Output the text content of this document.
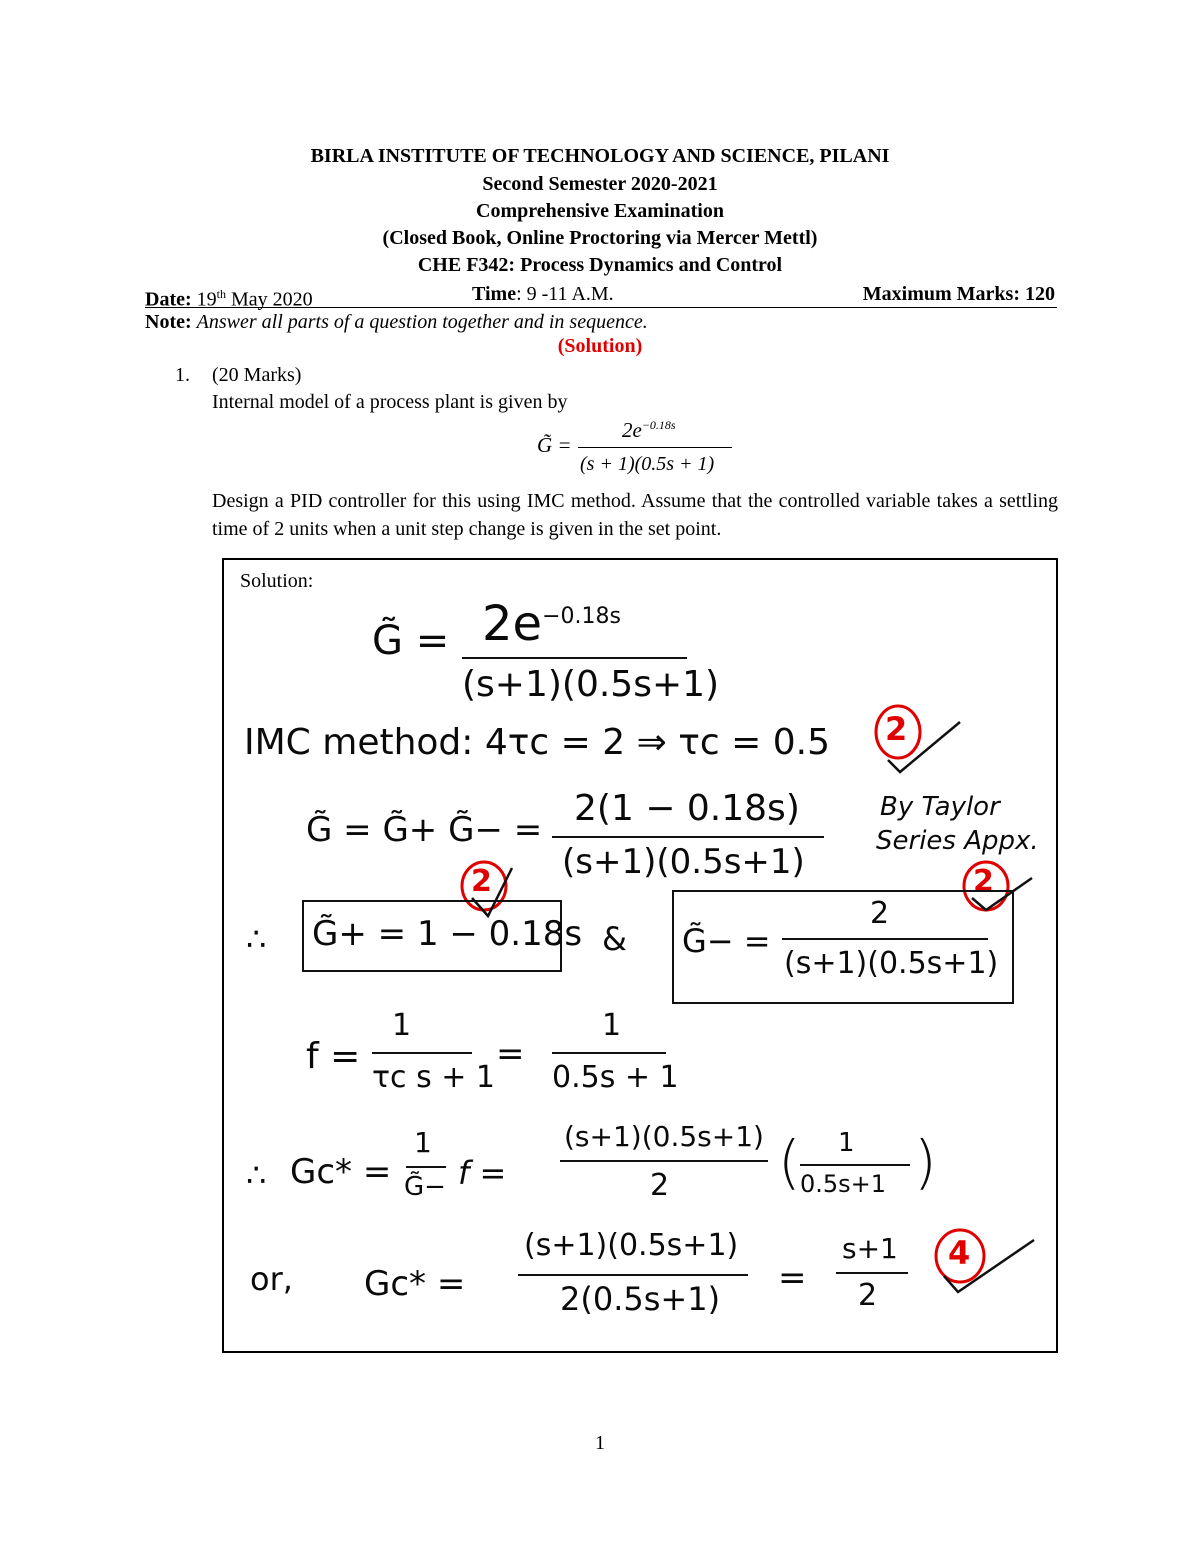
BIRLA INSTITUTE OF TECHNOLOGY AND SCIENCE, PILANI
Second Semester 2020-2021
Comprehensive Examination
(Closed Book, Online Proctoring via Mercer Mettl)
CHE F342: Process Dynamics and Control
Date: 19th May 2020	Time: 9 -11 A.M.	Maximum Marks: 120
Note: Answer all parts of a question together and in sequence.
(Solution)
1. (20 Marks)
Internal model of a process plant is given by
G̃ =
$2e^{-0.18s}$
(s + 1)(0.5s + 1)
Design a PID controller for this using IMC method. Assume that the controlled variable takes a settling time of 2 units when a unit step change is given in the set point.
Solution:
G̃ = $2e^{-0.18s}$
(s+1)(0.5s+1)
IMC method: 4τc = 2 ⇒ τc = 0.5 2
G̃ = G̃+ G̃− =
2(1 − 0.18s)
(s+1)(0.5s+1)
By Taylor
Series Appx.
2	2
∴ G̃+ = 1 − 0.18s & G̃− =
2
(s+1)(0.5s+1)
f =
1
τc s + 1
=
1
0.5s + 1
∴ Gc* =
1
G̃− f =
(s+1)(0.5s+1)
2 ( 1
0.5s+1 )
or, Gc* =
(s+1)(0.5s+1)
2(0.5s+1)
=
s+1
2
4
1
